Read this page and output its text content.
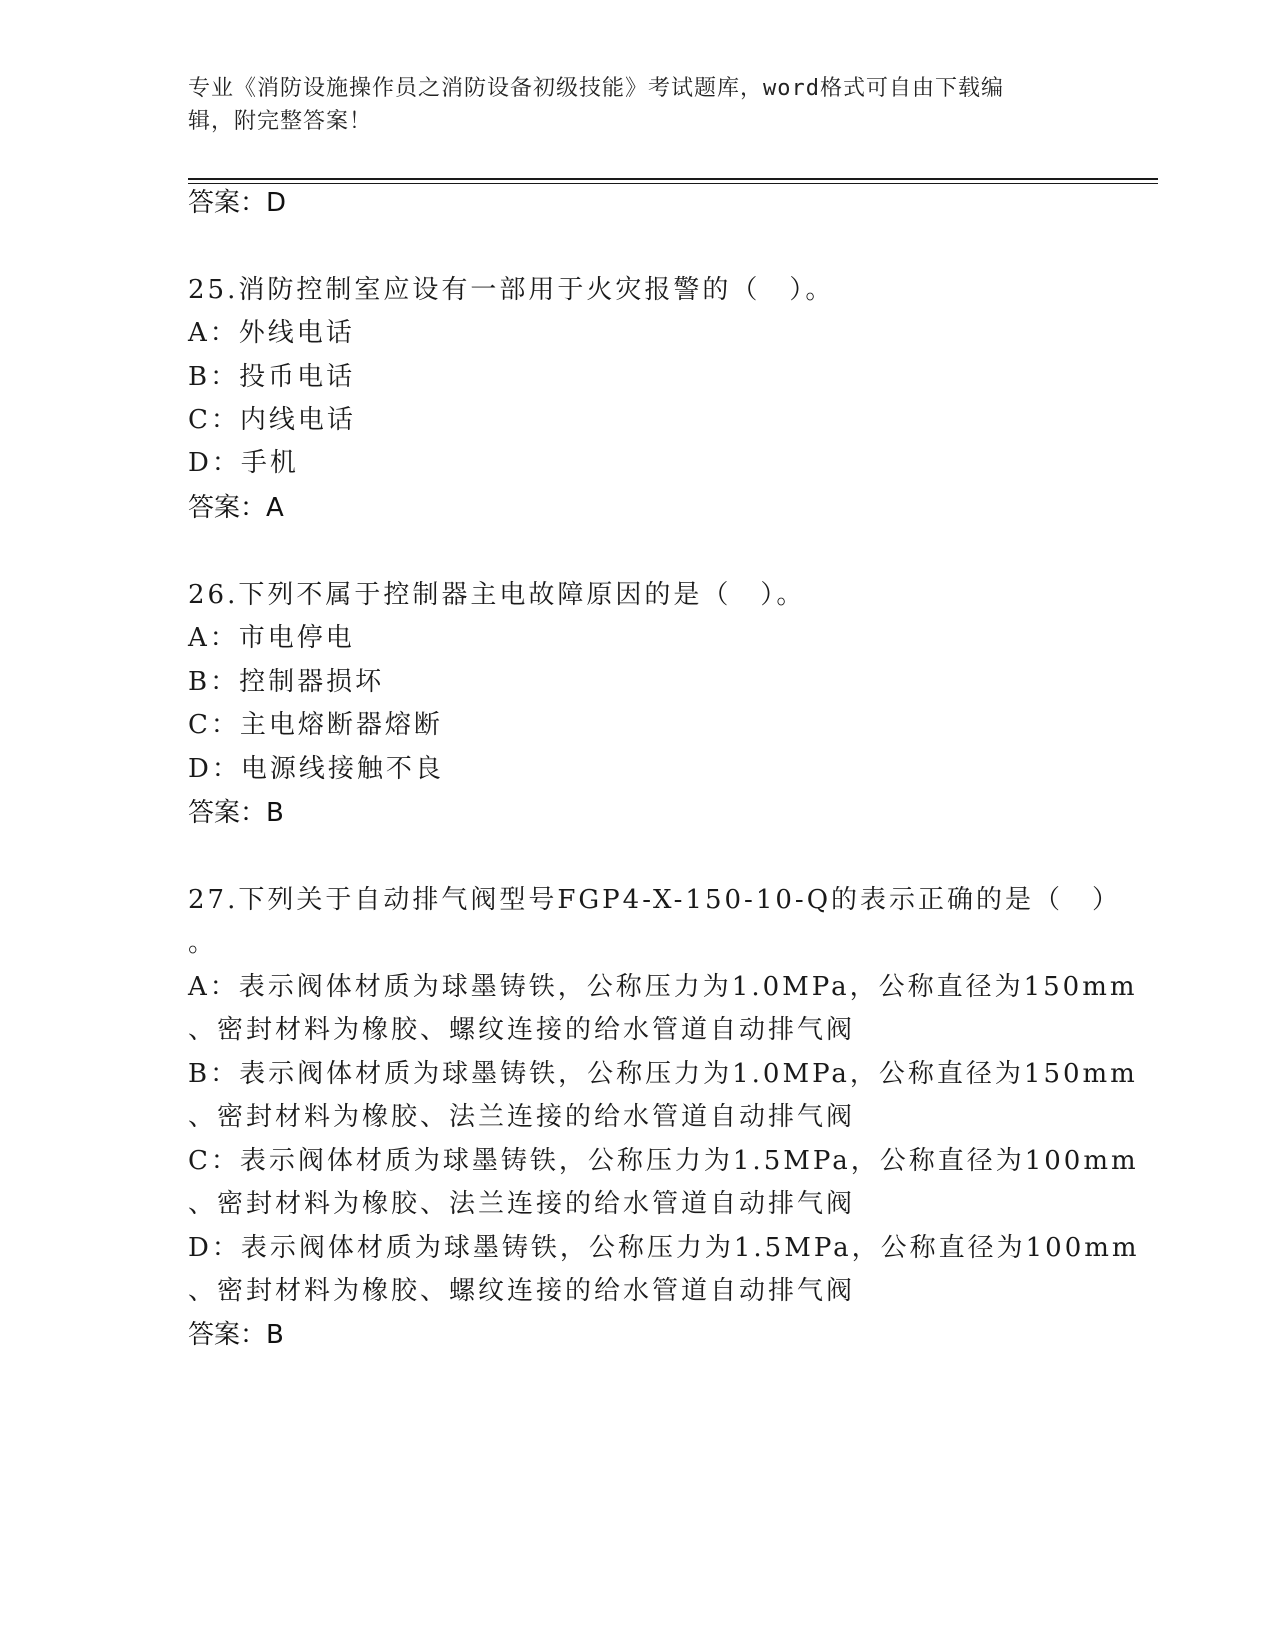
专业《消防设施操作员之消防设备初级技能》考试题库，word格式可自由下载编
辑，附完整答案！
答案：D
25.消防控制室应设有一部用于火灾报警的（　）。
A：外线电话
B：投币电话
C：内线电话
D：手机
答案：A
26.下列不属于控制器主电故障原因的是（　）。
A：市电停电
B：控制器损坏
C：主电熔断器熔断
D：电源线接触不良
答案：B
27.下列关于自动排气阀型号FGP4-X-150-10-Q的表示正确的是（　）
。
A：表示阀体材质为球墨铸铁，公称压力为1.0MPa，公称直径为150mm
、密封材料为橡胶、螺纹连接的给水管道自动排气阀
B：表示阀体材质为球墨铸铁，公称压力为1.0MPa，公称直径为150mm
、密封材料为橡胶、法兰连接的给水管道自动排气阀
C：表示阀体材质为球墨铸铁，公称压力为1.5MPa，公称直径为100mm
、密封材料为橡胶、法兰连接的给水管道自动排气阀
D：表示阀体材质为球墨铸铁，公称压力为1.5MPa，公称直径为100mm
、密封材料为橡胶、螺纹连接的给水管道自动排气阀
答案：B
